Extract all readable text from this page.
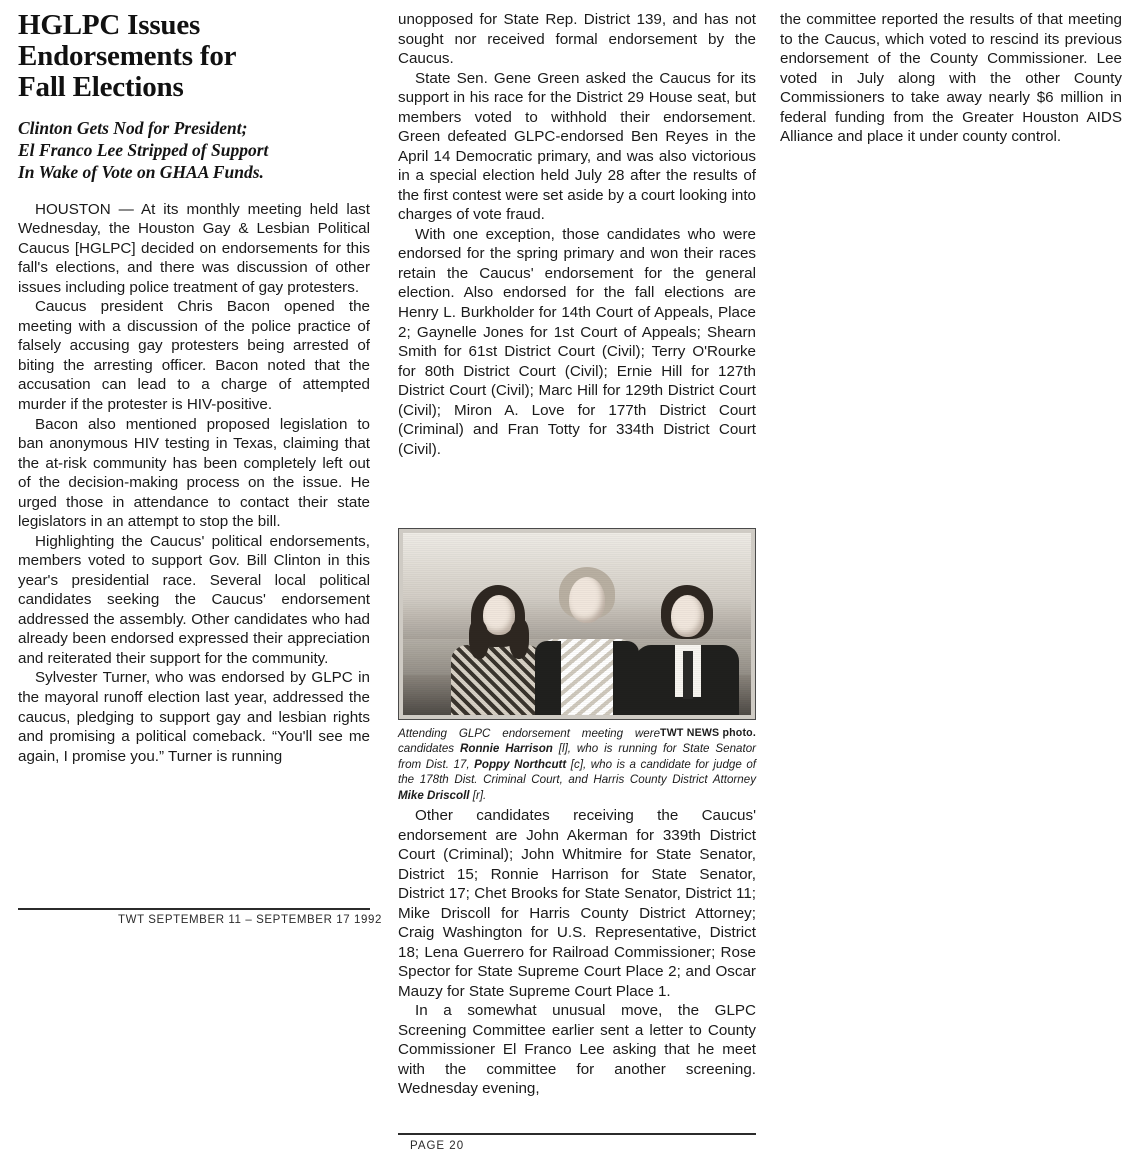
HGLPC Issues
Endorsements for
Fall Elections
Clinton Gets Nod for President;
El Franco Lee Stripped of Support
In Wake of Vote on GHAA Funds.

HOUSTON — At its monthly meeting held last Wednesday, the Houston Gay & Lesbian Political Caucus [HGLPC] decided on endorsements for this fall's elections, and there was discussion of other issues including police treatment of gay protesters.

Caucus president Chris Bacon opened the meeting with a discussion of the police practice of falsely accusing gay protesters being arrested of biting the arresting officer. Bacon noted that the accusation can lead to a charge of attempted murder if the protester is HIV-positive.

Bacon also mentioned proposed legislation to ban anonymous HIV testing in Texas, claiming that the at-risk community has been completely left out of the decision-making process on the issue. He urged those in attendance to contact their state legislators in an attempt to stop the bill.

Highlighting the Caucus' political endorsements, members voted to support Gov. Bill Clinton in this year's presidential race. Several local political candidates seeking the Caucus' endorsement addressed the assembly. Other candidates who had already been endorsed expressed their appreciation and reiterated their support for the community.

Sylvester Turner, who was endorsed by GLPC in the mayoral runoff election last year, addressed the caucus, pledging to support gay and lesbian rights and promising a political comeback. “You'll see me again, I promise you.” Turner is running

unopposed for State Rep. District 139, and has not sought nor received formal endorsement by the Caucus.

State Sen. Gene Green asked the Caucus for its support in his race for the District 29 House seat, but members voted to withhold their endorsement. Green defeated GLPC-endorsed Ben Reyes in the April 14 Democratic primary, and was also victorious in a special election held July 28 after the results of the first contest were set aside by a court looking into charges of vote fraud.

With one exception, those candidates who were endorsed for the spring primary and won their races retain the Caucus' endorsement for the general election. Also endorsed for the fall elections are Henry L. Burkholder for 14th Court of Appeals, Place 2; Gaynelle Jones for 1st Court of Appeals; Shearn Smith for 61st District Court (Civil); Terry O'Rourke for 80th District Court (Civil); Ernie Hill for 127th District Court (Civil); Marc Hill for 129th District Court (Civil); Miron A. Love for 177th District Court (Criminal) and Fran Totty for 334th District Court (Civil).

TWT NEWS photo.
Attending GLPC endorsement meeting were candidates Ronnie Harrison [l], who is running for State Senator from Dist. 17, Poppy Northcutt [c], who is a candidate for judge of the 178th Dist. Criminal Court, and Harris County District Attorney Mike Driscoll [r].

Other candidates receiving the Caucus' endorsement are John Akerman for 339th District Court (Criminal); John Whitmire for State Senator, District 15; Ronnie Harrison for State Senator, District 17; Chet Brooks for State Senator, District 11; Mike Driscoll for Harris County District Attorney; Craig Washington for U.S. Representative, District 18; Lena Guerrero for Railroad Commissioner; Rose Spector for State Supreme Court Place 2; and Oscar Mauzy for State Supreme Court Place 1.

In a somewhat unusual move, the GLPC Screening Committee earlier sent a letter to County Commissioner El Franco Lee asking that he meet with the committee for another screening. Wednesday evening,

the committee reported the results of that meeting to the Caucus, which voted to rescind its previous endorsement of the County Commissioner. Lee voted in July along with the other County Commissioners to take away nearly $6 million in federal funding from the Greater Houston AIDS Alliance and place it under county control.

TWT SEPTEMBER 11 – SEPTEMBER 17 1992
PAGE 20
